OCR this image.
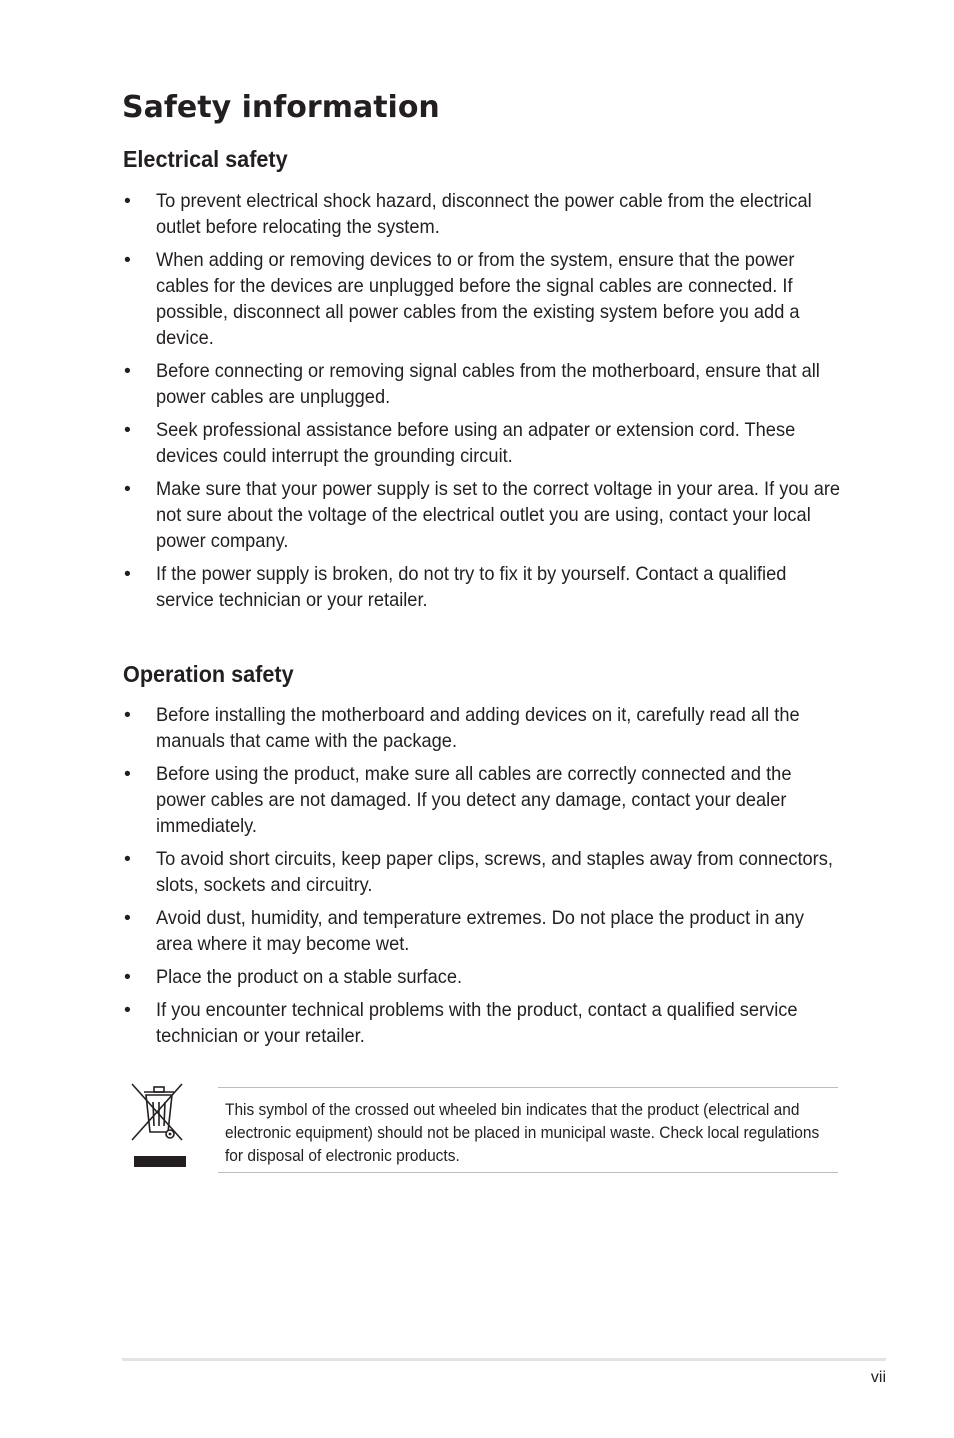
Safety information
Electrical safety
• To prevent electrical shock hazard, disconnect the power cable from the electrical outlet before relocating the system.
• When adding or removing devices to or from the system, ensure that the power cables for the devices are unplugged before the signal cables are connected. If possible, disconnect all power cables from the existing system before you add a device.
• Before connecting or removing signal cables from the motherboard, ensure that all power cables are unplugged.
• Seek professional assistance before using an adpater or extension cord. These devices could interrupt the grounding circuit.
• Make sure that your power supply is set to the correct voltage in your area. If you are not sure about the voltage of the electrical outlet you are using, contact your local power company.
• If the power supply is broken, do not try to fix it by yourself. Contact a qualified service technician or your retailer.
Operation safety
• Before installing the motherboard and adding devices on it, carefully read all the manuals that came with the package.
• Before using the product, make sure all cables are correctly connected and the power cables are not damaged. If you detect any damage, contact your dealer immediately.
• To avoid short circuits, keep paper clips, screws, and staples away from connectors, slots, sockets and circuitry.
• Avoid dust, humidity, and temperature extremes. Do not place the product in any area where it may become wet.
• Place the product on a stable surface.
• If you encounter technical problems with the product, contact a qualified service technician or your retailer.
This symbol of the crossed out wheeled bin indicates that the product (electrical and electronic equipment) should not be placed in municipal waste. Check local regulations for disposal of electronic products.
vii
